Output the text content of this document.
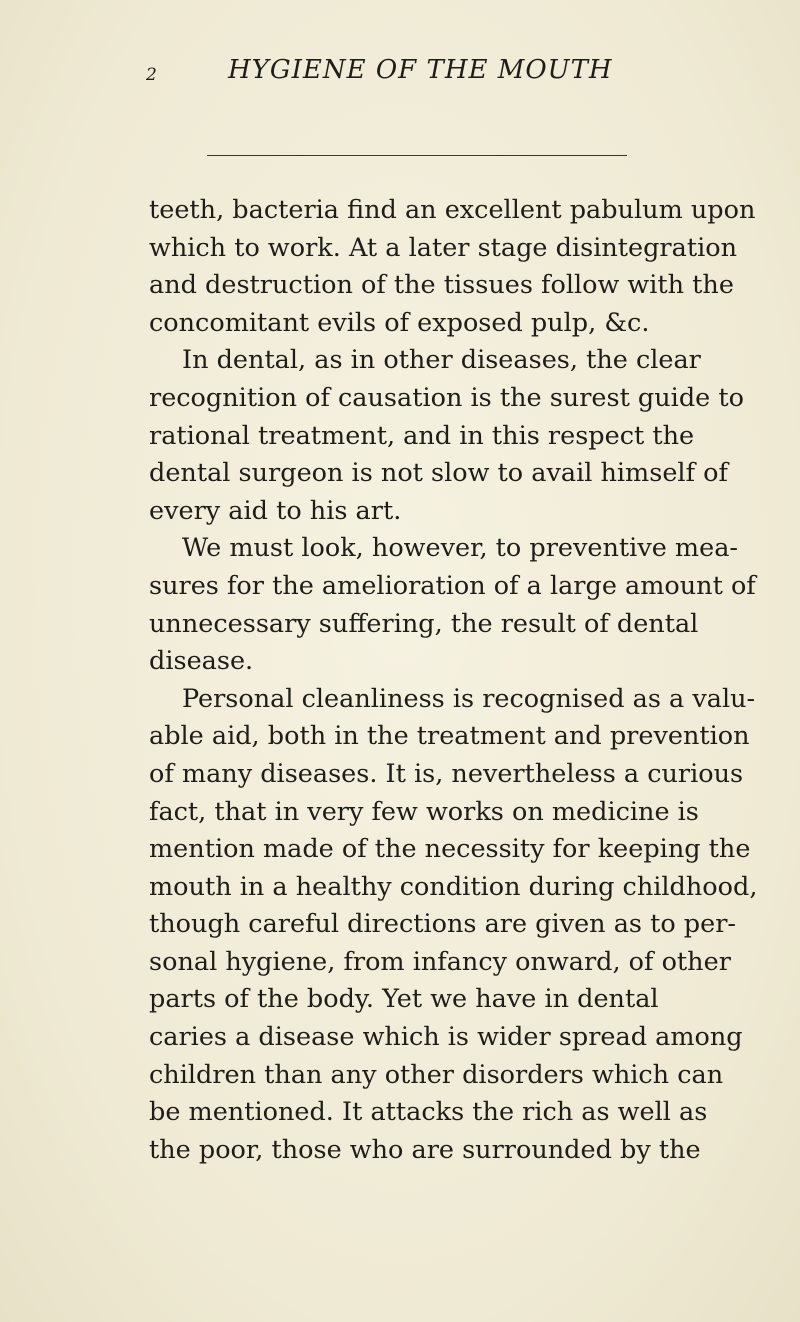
2	HYGIENE OF THE MOUTH
teeth, bacteria find an excellent pabulum upon
which to work. At a later stage disintegration
and destruction of the tissues follow with the
concomitant evils of exposed pulp, &c.
In dental, as in other diseases, the clear
recognition of causation is the surest guide to
rational treatment, and in this respect the
dental surgeon is not slow to avail himself of
every aid to his art.
We must look, however, to preventive mea-
sures for the amelioration of a large amount of
unnecessary suffering, the result of dental
disease.
Personal cleanliness is recognised as a valu-
able aid, both in the treatment and prevention
of many diseases. It is, nevertheless a curious
fact, that in very few works on medicine is
mention made of the necessity for keeping the
mouth in a healthy condition during childhood,
though careful directions are given as to per-
sonal hygiene, from infancy onward, of other
parts of the body. Yet we have in dental
caries a disease which is wider spread among
children than any other disorders which can
be mentioned. It attacks the rich as well as
the poor, those who are surrounded by the
